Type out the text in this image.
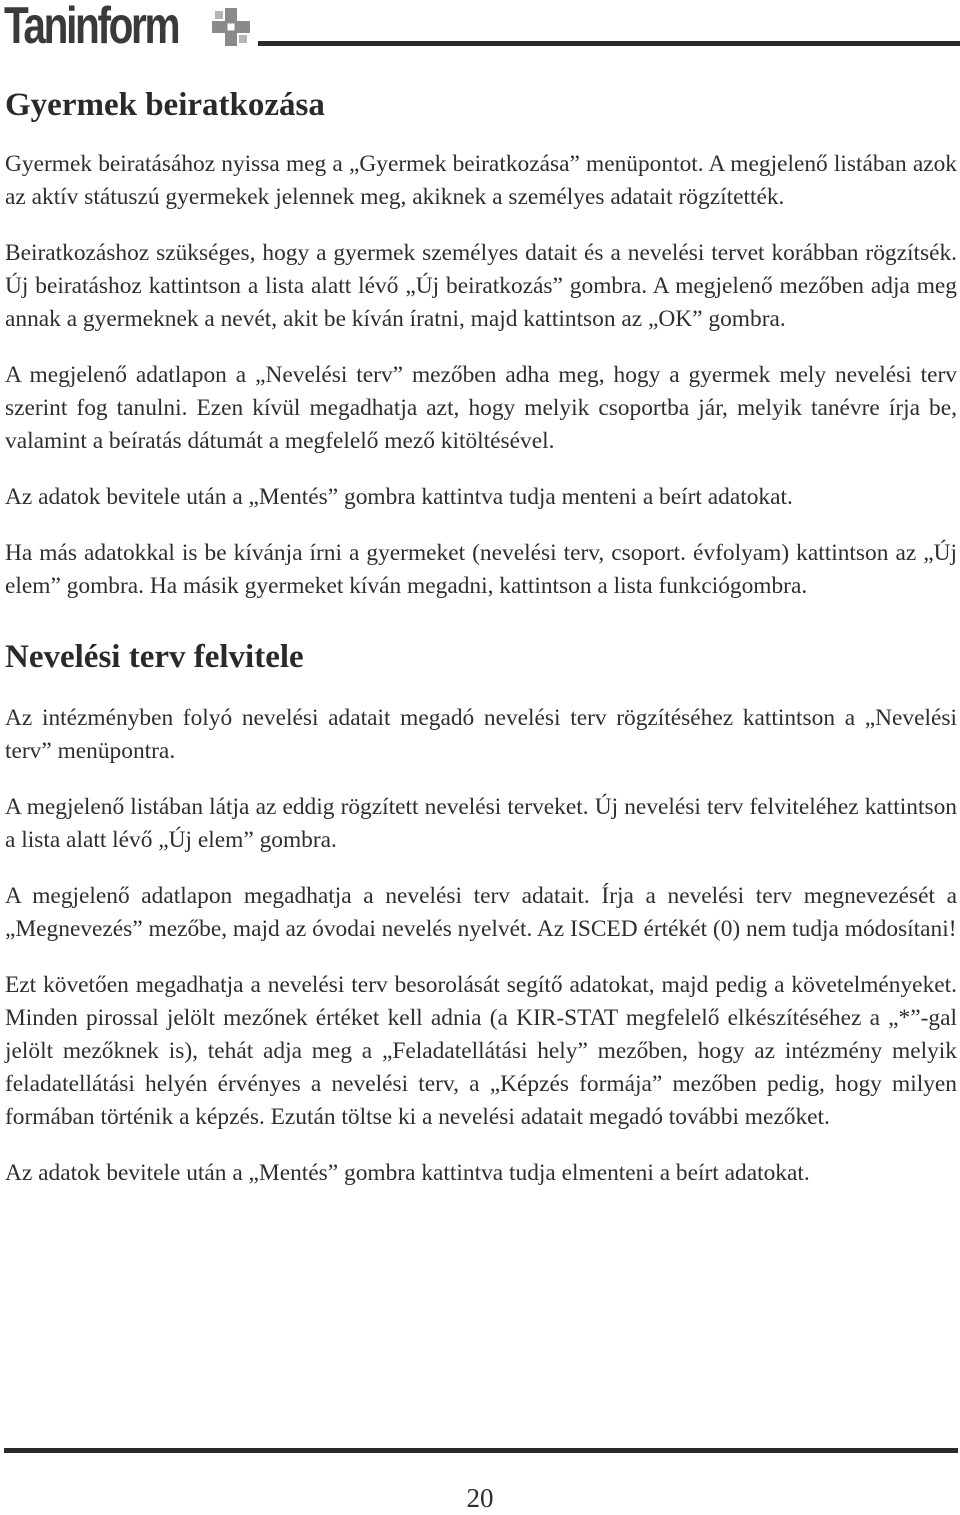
Taninform
Gyermek beiratkozása

Gyermek beiratásához nyissa meg a „Gyermek beiratkozása” menüpontot. A megjelenő listában azok az aktív státuszú gyermekek jelennek meg, akiknek a személyes adatait rögzítették.

Beiratkozáshoz szükséges, hogy a gyermek személyes datait és a nevelési tervet korábban rögzítsék. Új beiratáshoz kattintson a lista alatt lévő „Új beiratkozás” gombra. A megjelenő mezőben adja meg annak a gyermeknek a nevét, akit be kíván íratni, majd kattintson az „OK” gombra.

A megjelenő adatlapon a „Nevelési terv” mezőben adha meg, hogy a gyermek mely nevelési terv szerint fog tanulni. Ezen kívül megadhatja azt, hogy melyik csoportba jár, melyik tanévre írja be, valamint a beíratás dátumát a megfelelő mező kitöltésével.

Az adatok bevitele után a „Mentés” gombra kattintva tudja menteni a beírt adatokat.

Ha más adatokkal is be kívánja írni a gyermeket (nevelési terv, csoport. évfolyam) kattintson az „Új elem” gombra. Ha másik gyermeket kíván megadni, kattintson a lista funkciógombra.

Nevelési terv felvitele

Az intézményben folyó nevelési adatait megadó nevelési terv rögzítéséhez kattintson a „Nevelési terv” menüpontra.

A megjelenő listában látja az eddig rögzített nevelési terveket. Új nevelési terv felviteléhez kattintson a lista alatt lévő „Új elem” gombra.

A megjelenő adatlapon megadhatja a nevelési terv adatait. Írja a nevelési terv megnevezését a „Megnevezés” mezőbe, majd az óvodai nevelés nyelvét. Az ISCED értékét (0) nem tudja módosítani!

Ezt követően megadhatja a nevelési terv besorolását segítő adatokat, majd pedig a követelményeket. Minden pirossal jelölt mezőnek értéket kell adnia (a KIR-STAT megfelelő elkészítéséhez a „*”-gal jelölt mezőknek is), tehát adja meg a „Feladatellátási hely” mezőben, hogy az intézmény melyik feladatellátási helyén érvényes a nevelési terv, a „Képzés formája” mezőben pedig, hogy milyen formában történik a képzés. Ezután töltse ki a nevelési adatait megadó további mezőket.

Az adatok bevitele után a „Mentés” gombra kattintva tudja elmenteni a beírt adatokat.

20
